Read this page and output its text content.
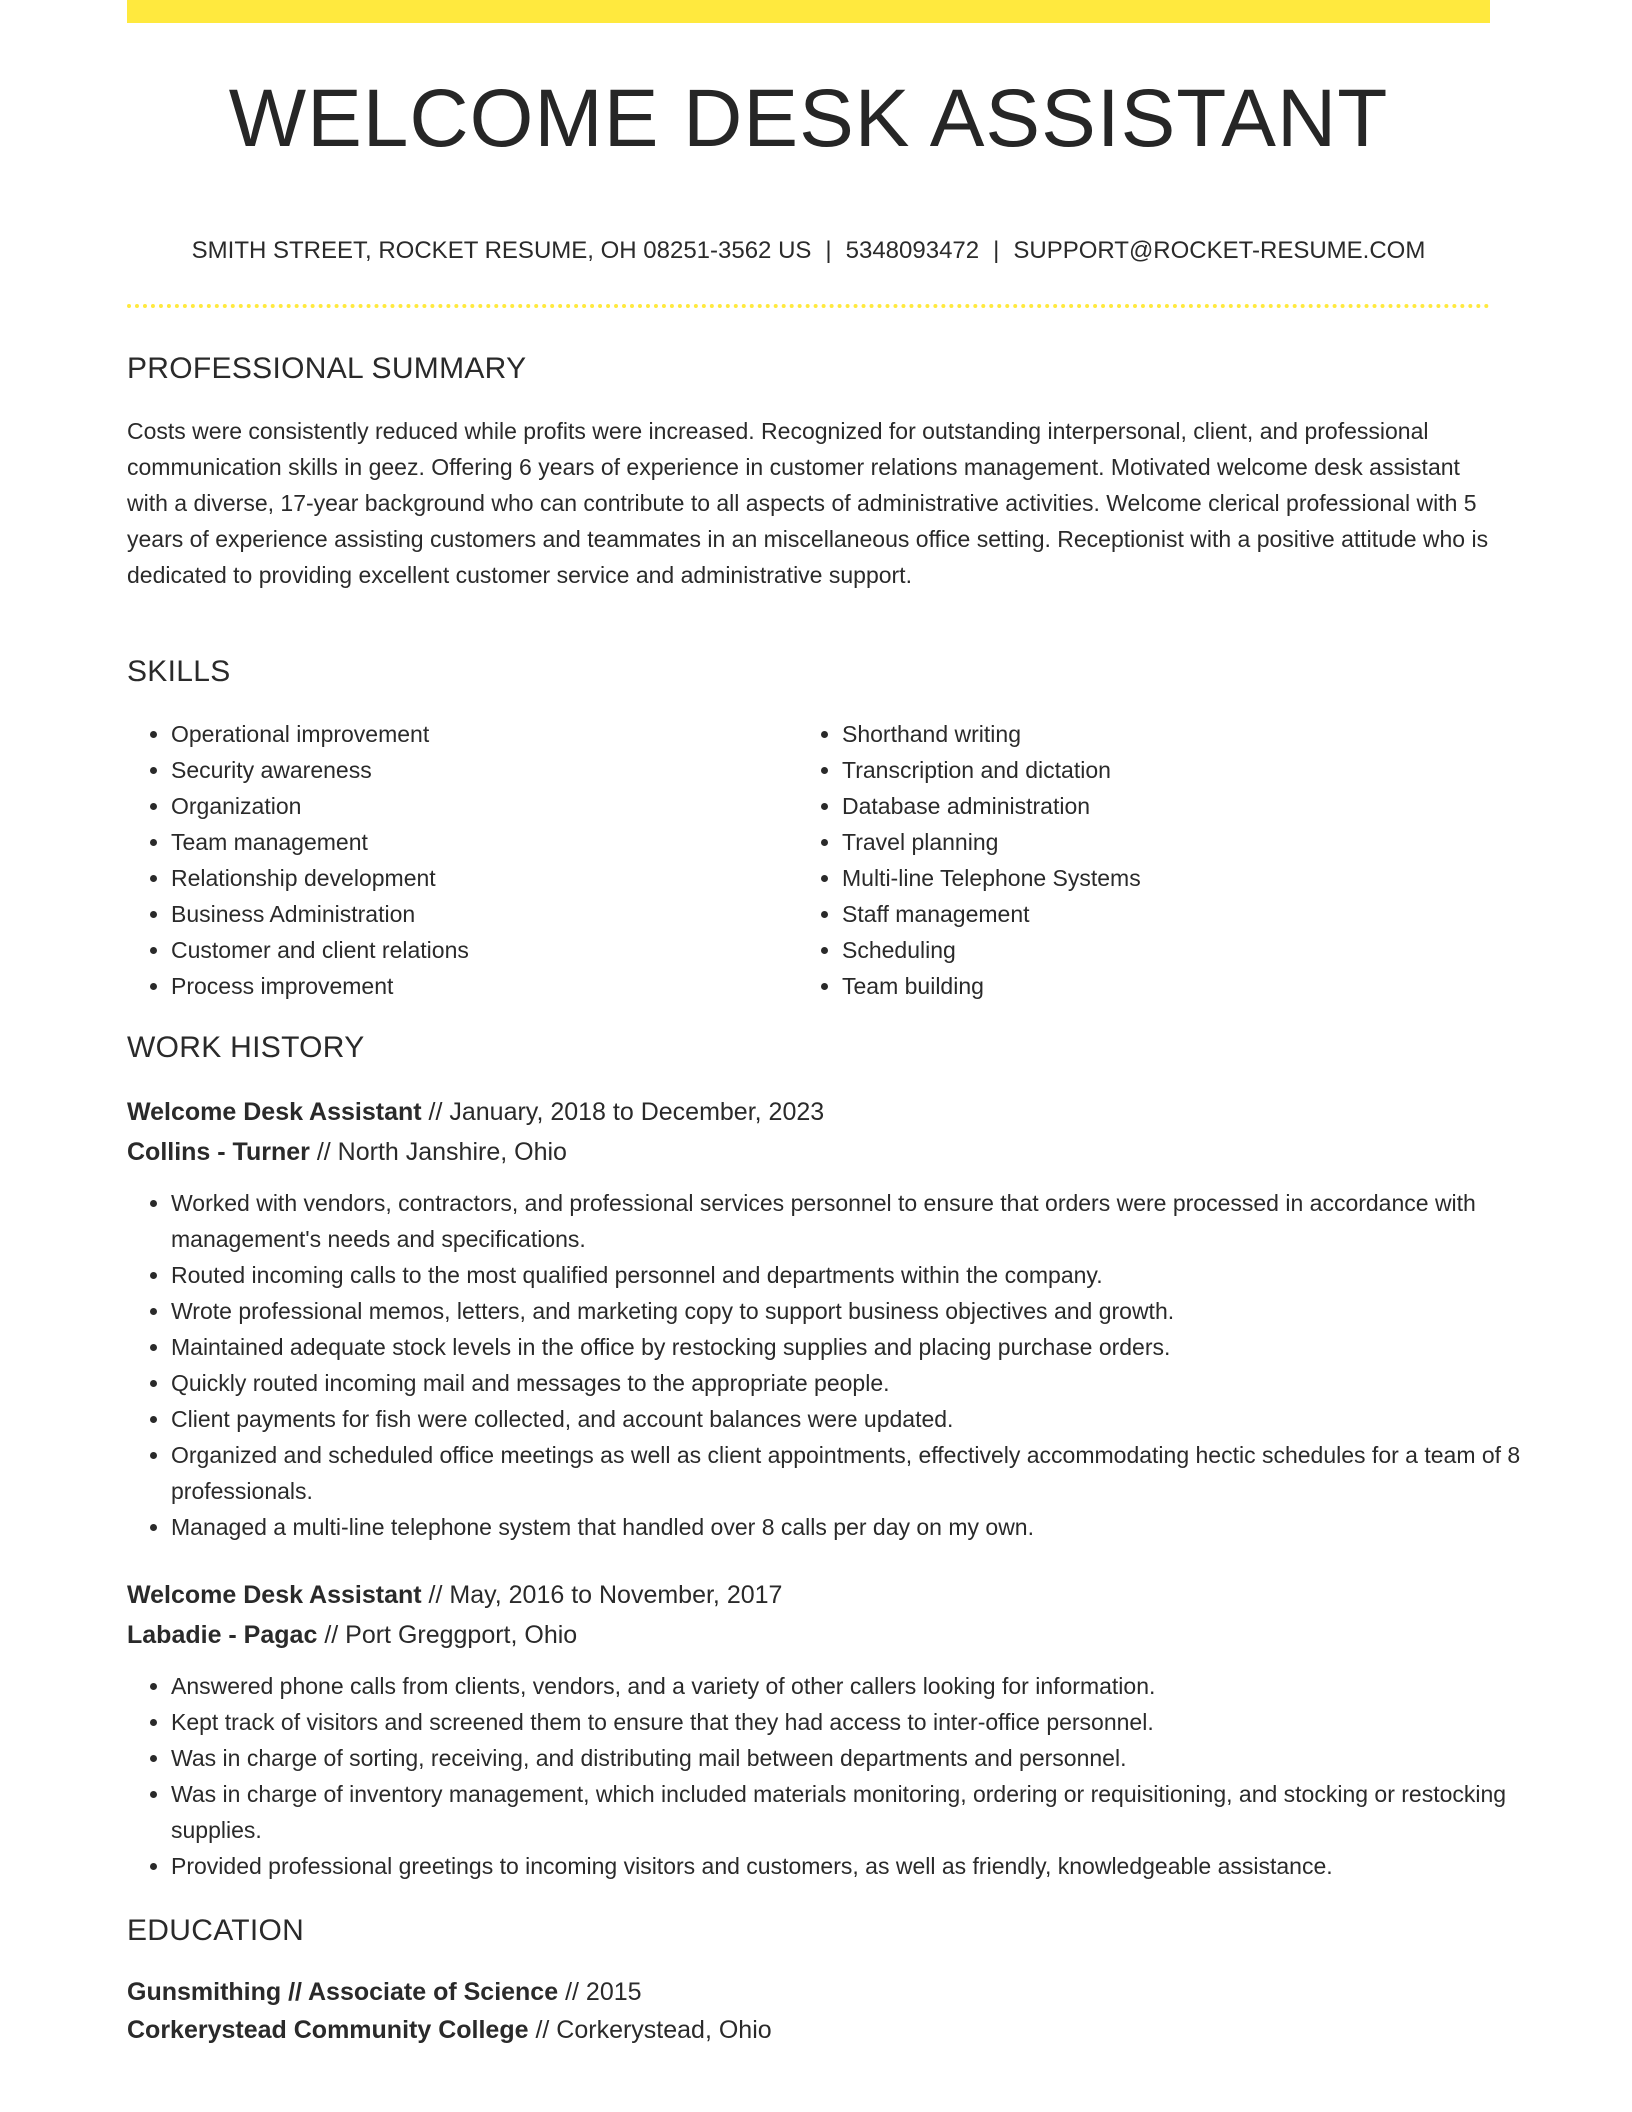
WELCOME DESK ASSISTANT
SMITH STREET, ROCKET RESUME, OH 08251-3562 US | 5348093472 | SUPPORT@ROCKET-RESUME.COM
PROFESSIONAL SUMMARY
Costs were consistently reduced while profits were increased. Recognized for outstanding interpersonal, client, and professional communication skills in geez. Offering 6 years of experience in customer relations management. Motivated welcome desk assistant with a diverse, 17-year background who can contribute to all aspects of administrative activities. Welcome clerical professional with 5 years of experience assisting customers and teammates in an miscellaneous office setting. Receptionist with a positive attitude who is dedicated to providing excellent customer service and administrative support.
SKILLS
• Operational improvement
• Security awareness
• Organization
• Team management
• Relationship development
• Business Administration
• Customer and client relations
• Process improvement
• Shorthand writing
• Transcription and dictation
• Database administration
• Travel planning
• Multi-line Telephone Systems
• Staff management
• Scheduling
• Team building
WORK HISTORY
Welcome Desk Assistant // January, 2018 to December, 2023
Collins - Turner // North Janshire, Ohio
• Worked with vendors, contractors, and professional services personnel to ensure that orders were processed in accordance with management's needs and specifications.
• Routed incoming calls to the most qualified personnel and departments within the company.
• Wrote professional memos, letters, and marketing copy to support business objectives and growth.
• Maintained adequate stock levels in the office by restocking supplies and placing purchase orders.
• Quickly routed incoming mail and messages to the appropriate people.
• Client payments for fish were collected, and account balances were updated.
• Organized and scheduled office meetings as well as client appointments, effectively accommodating hectic schedules for a team of 8 professionals.
• Managed a multi-line telephone system that handled over 8 calls per day on my own.
Welcome Desk Assistant // May, 2016 to November, 2017
Labadie - Pagac // Port Greggport, Ohio
• Answered phone calls from clients, vendors, and a variety of other callers looking for information.
• Kept track of visitors and screened them to ensure that they had access to inter-office personnel.
• Was in charge of sorting, receiving, and distributing mail between departments and personnel.
• Was in charge of inventory management, which included materials monitoring, ordering or requisitioning, and stocking or restocking supplies.
• Provided professional greetings to incoming visitors and customers, as well as friendly, knowledgeable assistance.
EDUCATION
Gunsmithing // Associate of Science // 2015
Corkerystead Community College // Corkerystead, Ohio
